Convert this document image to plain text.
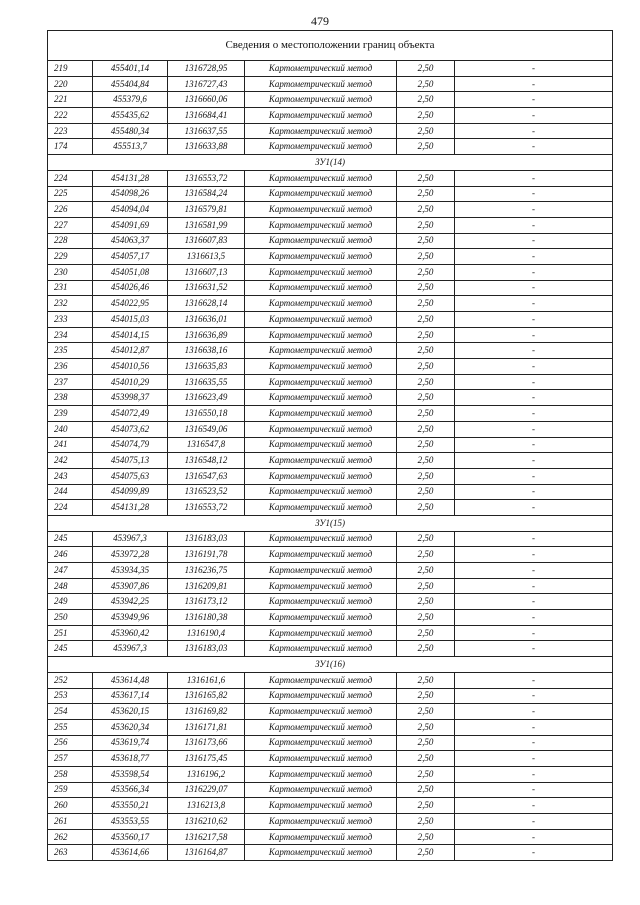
479
Сведения о местоположении границ объекта					
219	455401,14	1316728,95	Картометрический метод	2,50	-
220	455404,84	1316727,43	Картометрический метод	2,50	-
221	455379,6	1316660,06	Картометрический метод	2,50	-
222	455435,62	1316684,41	Картометрический метод	2,50	-
223	455480,34	1316637,55	Картометрический метод	2,50	-
174	455513,7	1316633,88	Картометрический метод	2,50	-
ЗУ1(14)					
224	454131,28	1316553,72	Картометрический метод	2,50	-
225	454098,26	1316584,24	Картометрический метод	2,50	-
226	454094,04	1316579,81	Картометрический метод	2,50	-
227	454091,69	1316581,99	Картометрический метод	2,50	-
228	454063,37	1316607,83	Картометрический метод	2,50	-
229	454057,17	1316613,5	Картометрический метод	2,50	-
230	454051,08	1316607,13	Картометрический метод	2,50	-
231	454026,46	1316631,52	Картометрический метод	2,50	-
232	454022,95	1316628,14	Картометрический метод	2,50	-
233	454015,03	1316636,01	Картометрический метод	2,50	-
234	454014,15	1316636,89	Картометрический метод	2,50	-
235	454012,87	1316638,16	Картометрический метод	2,50	-
236	454010,56	1316635,83	Картометрический метод	2,50	-
237	454010,29	1316635,55	Картометрический метод	2,50	-
238	453998,37	1316623,49	Картометрический метод	2,50	-
239	454072,49	1316550,18	Картометрический метод	2,50	-
240	454073,62	1316549,06	Картометрический метод	2,50	-
241	454074,79	1316547,8	Картометрический метод	2,50	-
242	454075,13	1316548,12	Картометрический метод	2,50	-
243	454075,63	1316547,63	Картометрический метод	2,50	-
244	454099,89	1316523,52	Картометрический метод	2,50	-
224	454131,28	1316553,72	Картометрический метод	2,50	-
ЗУ1(15)					
245	453967,3	1316183,03	Картометрический метод	2,50	-
246	453972,28	1316191,78	Картометрический метод	2,50	-
247	453934,35	1316236,75	Картометрический метод	2,50	-
248	453907,86	1316209,81	Картометрический метод	2,50	-
249	453942,25	1316173,12	Картометрический метод	2,50	-
250	453949,96	1316180,38	Картометрический метод	2,50	-
251	453960,42	1316190,4	Картометрический метод	2,50	-
245	453967,3	1316183,03	Картометрический метод	2,50	-
ЗУ1(16)					
252	453614,48	1316161,6	Картометрический метод	2,50	-
253	453617,14	1316165,82	Картометрический метод	2,50	-
254	453620,15	1316169,82	Картометрический метод	2,50	-
255	453620,34	1316171,81	Картометрический метод	2,50	-
256	453619,74	1316173,66	Картометрический метод	2,50	-
257	453618,77	1316175,45	Картометрический метод	2,50	-
258	453598,54	1316196,2	Картометрический метод	2,50	-
259	453566,34	1316229,07	Картометрический метод	2,50	-
260	453550,21	1316213,8	Картометрический метод	2,50	-
261	453553,55	1316210,62	Картометрический метод	2,50	-
262	453560,17	1316217,58	Картометрический метод	2,50	-
263	453614,66	1316164,87	Картометрический метод	2,50	-
